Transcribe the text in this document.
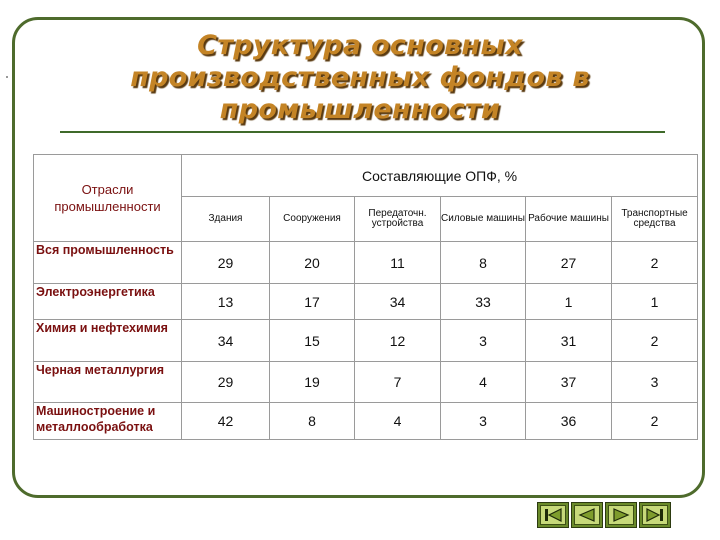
Структура основных производственных фондов в промышленности
Отрасли промышленности	Составляющие ОПФ, %					
	Здания	Сооружения	Передаточн. устройства	Силовые машины	Рабочие машины	Транспортные средства
Вся промышленность	29	20	11	8	27	2
Электроэнергетика	13	17	34	33	1	1
Химия и нефтехимия	34	15	12	3	31	2
Черная металлургия	29	19	7	4	37	3
Машиностроение и металлообработка	42	8	4	3	36	2
